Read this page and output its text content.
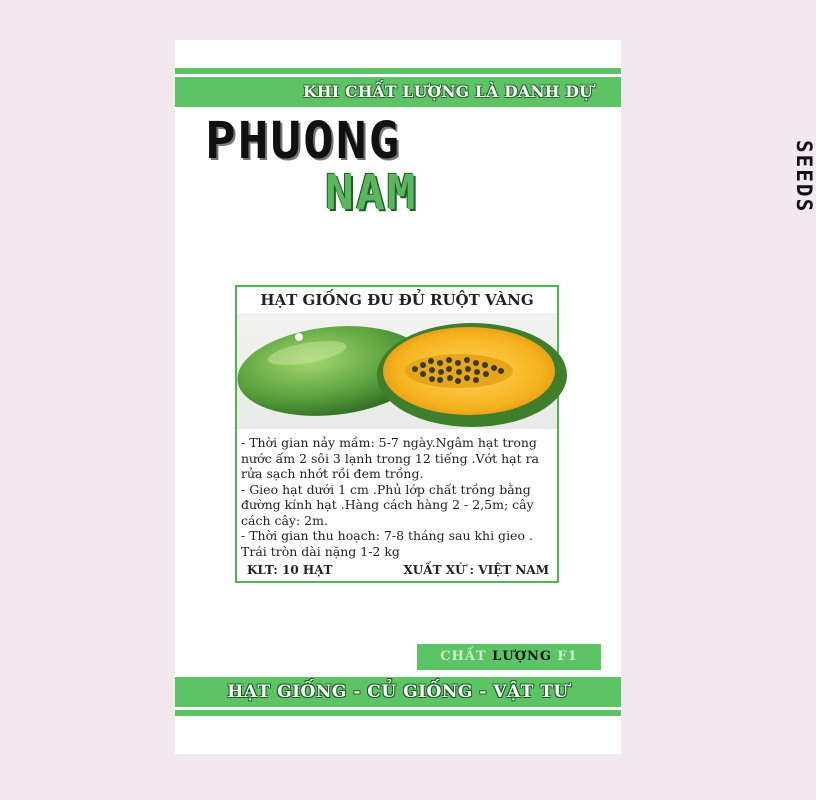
KHI CHẤT LƯỢNG LÀ DANH DỰ
PHUONG
NAM	SEEDS
HẠT GIỐNG ĐU ĐỦ RUỘT VÀNG

- Thời gian nảy mầm: 5-7 ngày.Ngâm hạt trong nước ấm 2 sôi 3 lạnh trong 12 tiếng .Vớt hạt ra rửa sạch nhớt rồi đem trồng.

- Gieo hạt dưới 1 cm .Phủ lớp chất trồng bằng đường kính hạt .Hàng cách hàng 2 - 2,5m; cây cách cây: 2m.

- Thời gian thu hoạch: 7-8 tháng sau khi gieo . Trái tròn dài nặng 1-2 kg

KLT: 10 HẠT	XUẤT XỨ : VIỆT NAM
CHẤT LƯỢNG F1
HẠT GIỐNG - CỦ GIỐNG - VẬT TƯ
